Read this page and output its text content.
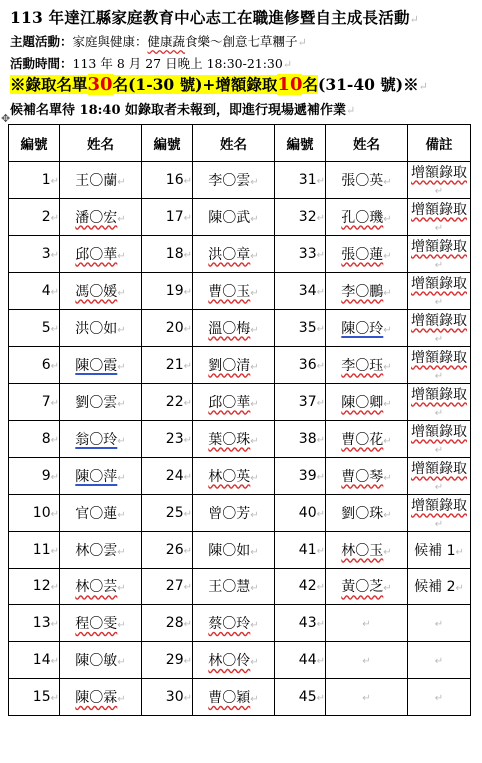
113 年達江縣家庭教育中心志工在職進修暨自主成長活動↵
主題活動：家庭與健康：健康蔬食樂～創意七草糰子↵
活動時間：113 年 8 月 27 日晚上 18:30-21:30↵
※錄取名單30名(1-30 號)+增額錄取10名(31-40 號)※↵
候補名單待 18:40 如錄取者未報到，即進行現場遞補作業↵
✥
編號	姓名	編號	姓名	編號	姓名	備註
1↵	王〇蘭↵	16↵	李〇雲↵	31↵	張〇英↵	增額錄取↵
2↵	潘〇宏↵	17↵	陳〇武↵	32↵	孔〇璣↵	增額錄取↵
3↵	邱〇華↵	18↵	洪〇章↵	33↵	張〇蓮↵	增額錄取↵
4↵	馮〇媛↵	19↵	曹〇玉↵	34↵	李〇鵬↵	增額錄取↵
5↵	洪〇如↵	20↵	溫〇梅↵	35↵	陳〇玲↵	增額錄取↵
6↵	陳〇霞↵	21↵	劉〇清↵	36↵	李〇珏↵	增額錄取↵
7↵	劉〇雲↵	22↵	邱〇華↵	37↵	陳〇卿↵	增額錄取↵
8↵	翁〇玲↵	23↵	葉〇珠↵	38↵	曹〇花↵	增額錄取↵
9↵	陳〇萍↵	24↵	林〇英↵	39↵	曹〇琴↵	增額錄取↵
10↵	官〇蓮↵	25↵	曾〇芳↵	40↵	劉〇珠↵	增額錄取↵
11↵	林〇雲↵	26↵	陳〇如↵	41↵	林〇玉↵	候補 1↵
12↵	林〇芸↵	27↵	王〇慧↵	42↵	黃〇芝↵	候補 2↵
13↵	程〇雯↵	28↵	蔡〇玲↵	43↵	↵	↵
14↵	陳〇敏↵	29↵	林〇伶↵	44↵	↵	↵
15↵	陳〇霖↵	30↵	曹〇穎↵	45↵	↵	↵
